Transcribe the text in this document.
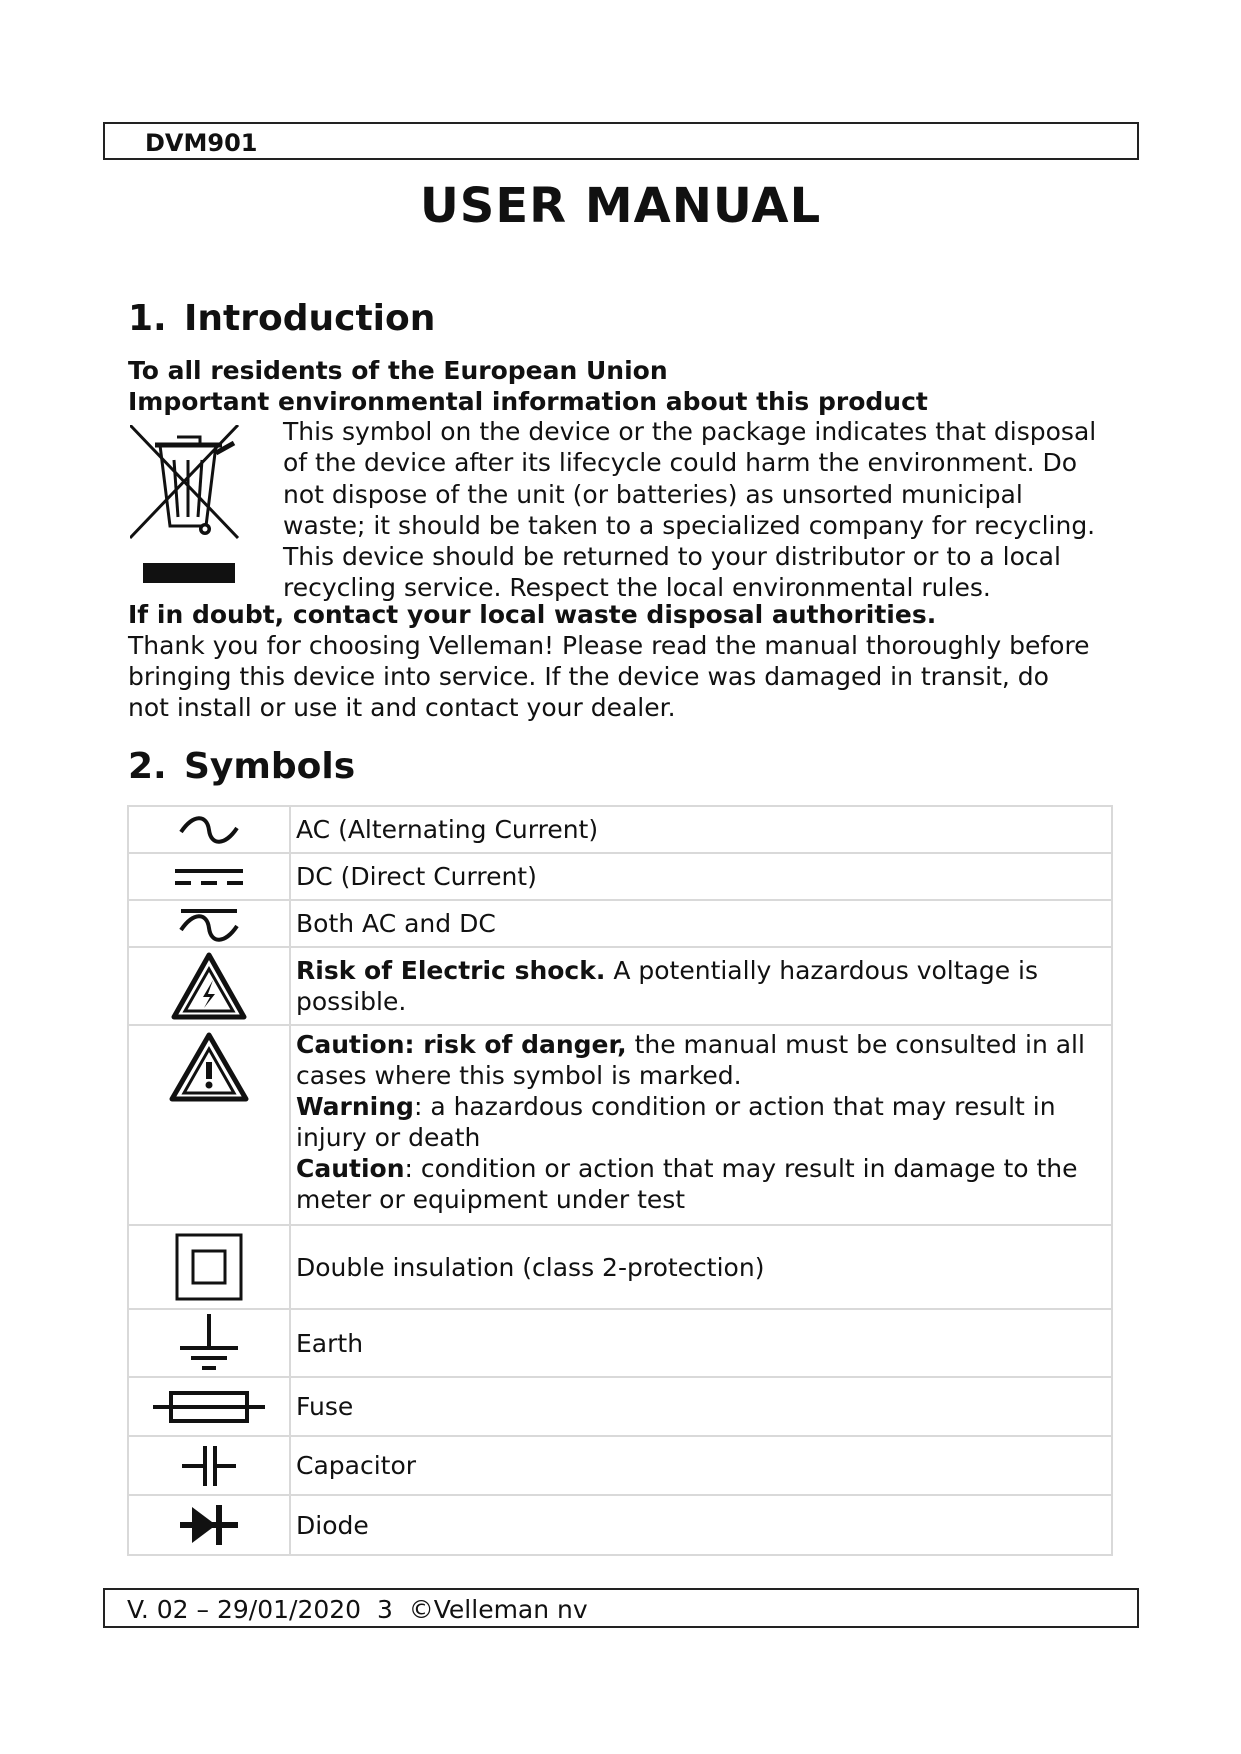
DVM901
USER MANUAL
1. Introduction
To all residents of the European Union
Important environmental information about this product
This symbol on the device or the package indicates that disposal
of the device after its lifecycle could harm the environment. Do
not dispose of the unit (or batteries) as unsorted municipal
waste; it should be taken to a specialized company for recycling.
This device should be returned to your distributor or to a local
recycling service. Respect the local environmental rules.
If in doubt, contact your local waste disposal authorities.
Thank you for choosing Velleman! Please read the manual thoroughly before
bringing this device into service. If the device was damaged in transit, do
not install or use it and contact your dealer.
2. Symbols
	AC (Alternating Current)

	DC (Direct Current)

	Both AC and DC

	Risk of Electric shock. A potentially hazardous voltage is possible.

Caution: risk of danger, the manual must be consulted in all cases where this symbol is marked.
Warning: a hazardous condition or action that may result in injury or death
Caution: condition or action that may result in damage to the meter or equipment under test

	Double insulation (class 2-protection)

	Earth

	Fuse

	Capacitor

	Diode
V. 02 – 29/01/2020  3  ©Velleman nv
